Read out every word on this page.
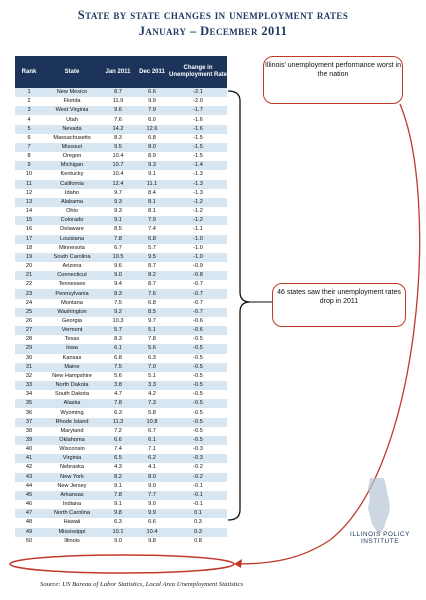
State by state changes in unemployment rates
January – December 2011
Rank	State	Jan 2011	Dec 2011	Change in Unemployment Rate
1	New Mexico	8.7	6.6	-2.1
2	Florida	11.9	9.9	-2.0
3	West Virginia	9.6	7.9	-1.7
4	Utah	7.6	6.0	-1.6
5	Nevada	14.2	12.6	-1.6
6	Massachusetts	8.3	6.8	-1.5
7	Missouri	9.5	8.0	-1.5
8	Oregon	10.4	8.9	-1.5
9	Michigan	10.7	9.3	-1.4
10	Kentucky	10.4	9.1	-1.3
11	California	12.4	11.1	-1.3
12	Idaho	9.7	8.4	-1.3
13	Alabama	9.3	8.1	-1.2
14	Ohio	9.3	8.1	-1.2
15	Colorado	9.1	7.9	-1.2
16	Delaware	8.5	7.4	-1.1
17	Louisiana	7.8	6.8	-1.0
18	Minnesota	6.7	5.7	-1.0
19	South Carolina	10.5	9.5	-1.0
20	Arizona	9.6	8.7	-0.9
21	Connecticut	9.0	8.2	-0.8
22	Tennessee	9.4	8.7	-0.7
23	Pennsylvania	8.3	7.6	-0.7
24	Montana	7.5	6.8	-0.7
25	Washington	9.2	8.5	-0.7
26	Georgia	10.3	9.7	-0.6
27	Vermont	5.7	5.1	-0.6
28	Texas	8.3	7.8	-0.5
29	Iowa	6.1	5.6	-0.5
30	Kansas	6.8	6.3	-0.5
31	Maine	7.5	7.0	-0.5
32	New Hampshire	5.6	5.1	-0.5
33	North Dakota	3.8	3.3	-0.5
34	South Dakota	4.7	4.2	-0.5
35	Alaska	7.8	7.3	-0.5
36	Wyoming	6.3	5.8	-0.5
37	Rhode Island	11.3	10.8	-0.5
38	Maryland	7.2	6.7	-0.5
39	Oklahoma	6.6	6.1	-0.5
40	Wisconsin	7.4	7.1	-0.3
41	Virginia	6.5	6.2	-0.3
42	Nebraska	4.3	4.1	-0.2
43	New York	8.2	8.0	-0.2
44	New Jersey	9.1	9.0	-0.1
45	Arkansas	7.8	7.7	-0.1
46	Indiana	9.1	9.0	-0.1
47	North Carolina	9.8	9.9	0.1
48	Hawaii	6.3	6.6	0.3
49	Mississippi	10.1	10.4	0.3
50	Illinois	9.0	9.8	0.8
Illinois' unemployment performance worst in the nation
46 states saw their unemployment rates drop in 2011
ILLINOIS POLICY
INSTITUTE
Source: US Bureau of Labor Statistics, Local Area Unemployment Statistics
